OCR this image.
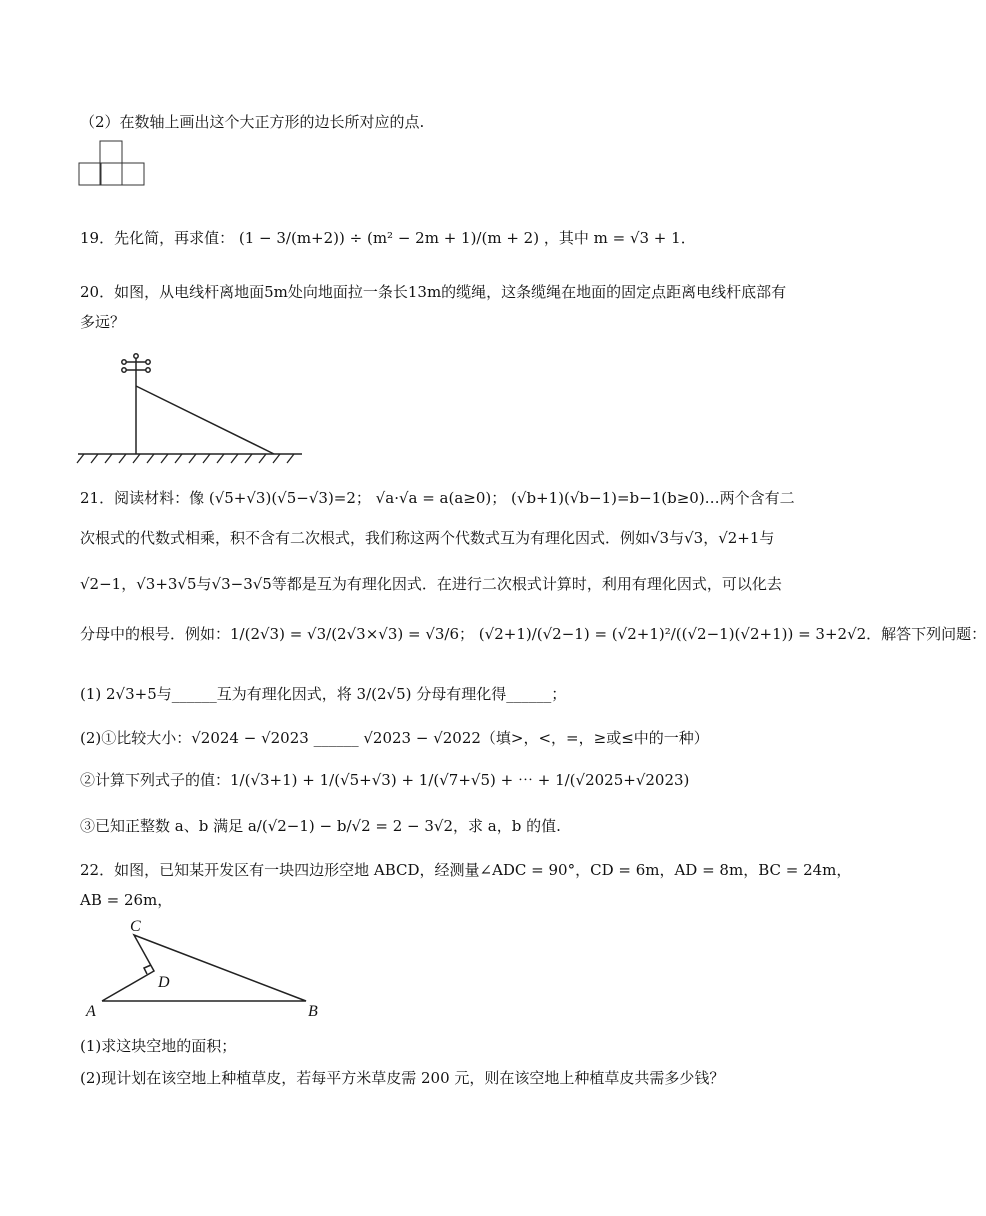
（2）在数轴上画出这个大正方形的边长所对应的点.
19．先化简，再求值： (1 − 3/(m+2)) ÷ (m² − 2m + 1)/(m + 2) ，其中 m = √3 + 1．
20．如图，从电线杆离地面5m处向地面拉一条长13m的缆绳，这条缆绳在地面的固定点距离电线杆底部有
多远？
21．阅读材料：像 (√5+√3)(√5−√3)=2； √a·√a = a(a≥0)； (√b+1)(√b−1)=b−1(b≥0)…两个含有二
次根式的代数式相乘，积不含有二次根式，我们称这两个代数式互为有理化因式．例如√3与√3，√2+1与
√2−1，√3+3√5与√3−3√5等都是互为有理化因式．在进行二次根式计算时，利用有理化因式，可以化去
分母中的根号．例如：1/(2√3) = √3/(2√3×√3) = √3/6； (√2+1)/(√2−1) = (√2+1)²/((√2−1)(√2+1)) = 3+2√2．解答下列问题：
(1) 2√3+5与______互为有理化因式，将 3/(2√5) 分母有理化得______；
(2)①比较大小：√2024 − √2023 ______ √2023 − √2022（填>，<，=，≥或≤中的一种）
②计算下列式子的值：1/(√3+1) + 1/(√5+√3) + 1/(√7+√5) + ⋯ + 1/(√2025+√2023)
③已知正整数 a、b 满足 a/(√2−1) − b/√2 = 2 − 3√2，求 a，b 的值.
22．如图，已知某开发区有一块四边形空地 ABCD，经测量∠ADC = 90°，CD = 6m，AD = 8m，BC = 24m，
AB = 26m，
C
D
A	B
(1)求这块空地的面积；
(2)现计划在该空地上种植草皮，若每平方米草皮需 200 元，则在该空地上种植草皮共需多少钱？
